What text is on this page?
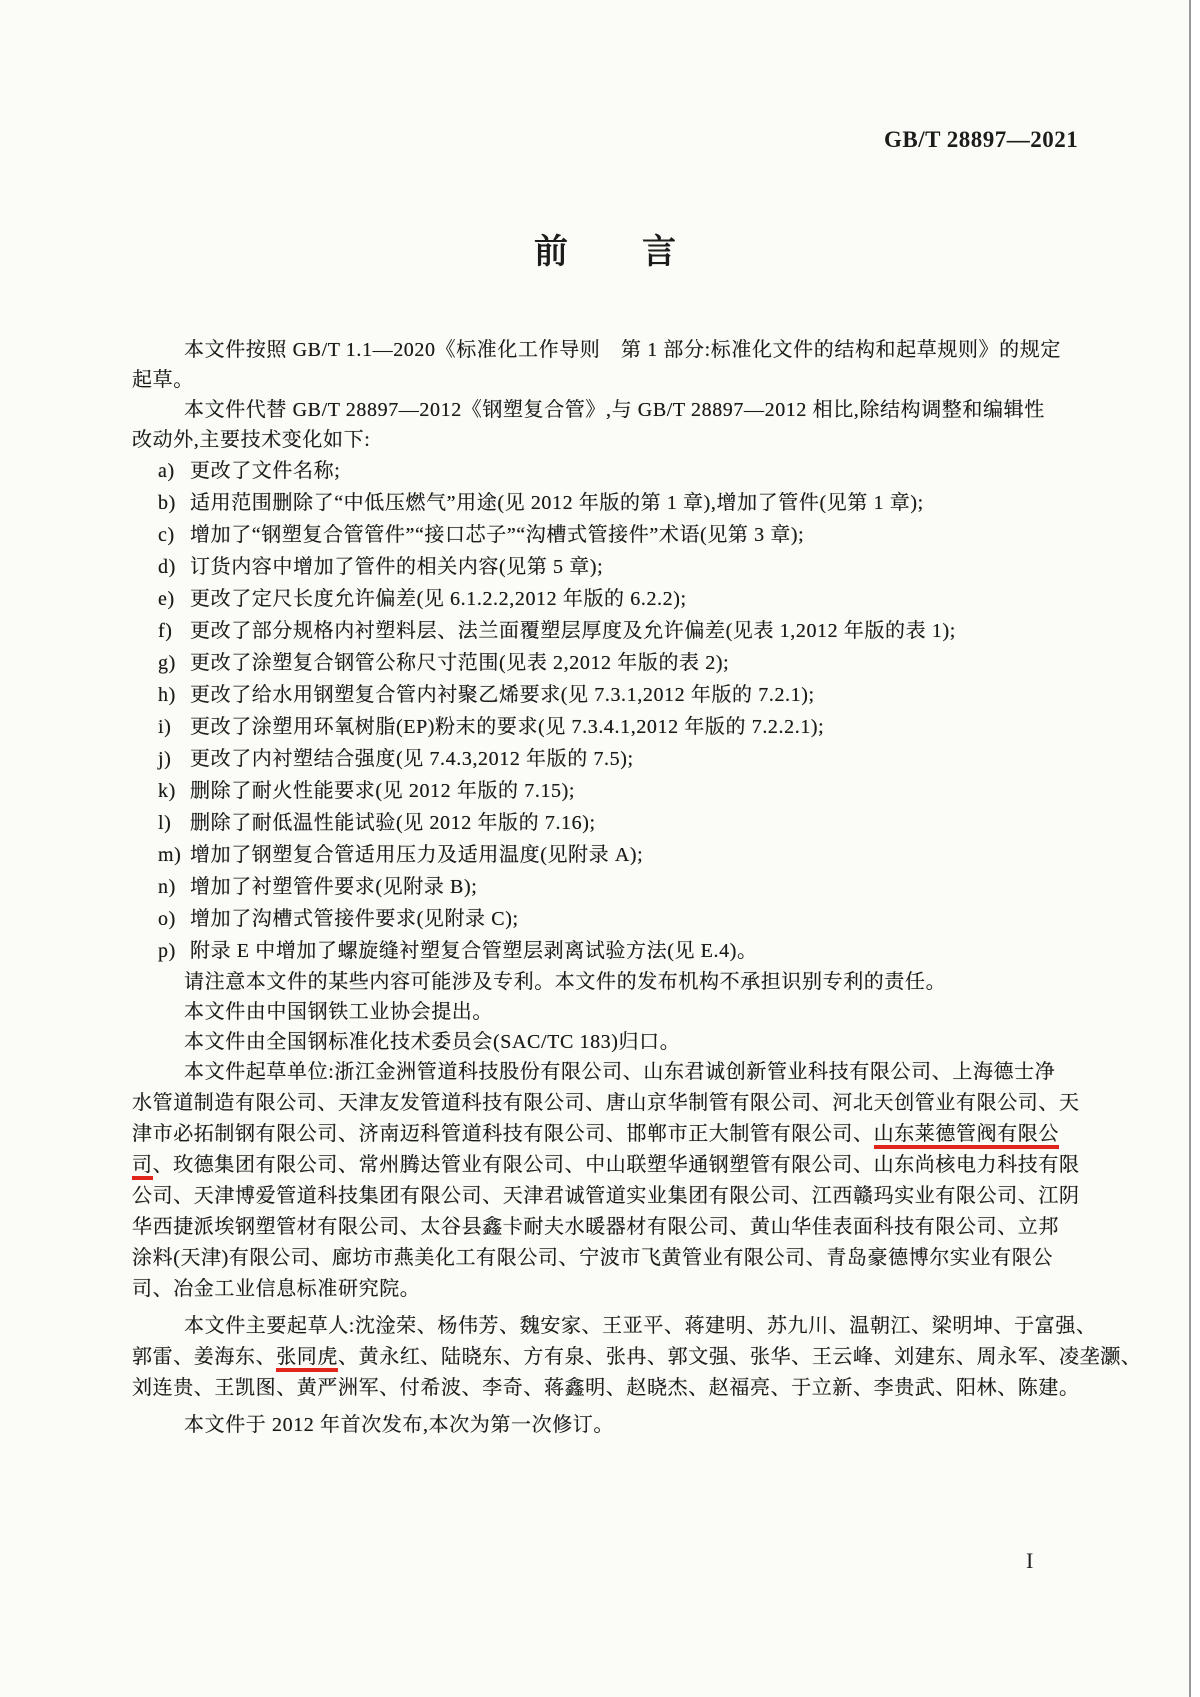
GB/T 28897—2021
前　　言
本文件按照 GB/T 1.1—2020《标准化工作导则　第 1 部分:标准化文件的结构和起草规则》的规定
起草。
本文件代替 GB/T 28897—2012《钢塑复合管》,与 GB/T 28897—2012 相比,除结构调整和编辑性
改动外,主要技术变化如下:
a) 更改了文件名称;
b) 适用范围删除了“中低压燃气”用途(见 2012 年版的第 1 章),增加了管件(见第 1 章);
c) 增加了“钢塑复合管管件”“接口芯子”“沟槽式管接件”术语(见第 3 章);
d) 订货内容中增加了管件的相关内容(见第 5 章);
e) 更改了定尺长度允许偏差(见 6.1.2.2,2012 年版的 6.2.2);
f) 更改了部分规格内衬塑料层、法兰面覆塑层厚度及允许偏差(见表 1,2012 年版的表 1);
g) 更改了涂塑复合钢管公称尺寸范围(见表 2,2012 年版的表 2);
h) 更改了给水用钢塑复合管内衬聚乙烯要求(见 7.3.1,2012 年版的 7.2.1);
i) 更改了涂塑用环氧树脂(EP)粉末的要求(见 7.3.4.1,2012 年版的 7.2.2.1);
j) 更改了内衬塑结合强度(见 7.4.3,2012 年版的 7.5);
k) 删除了耐火性能要求(见 2012 年版的 7.15);
l) 删除了耐低温性能试验(见 2012 年版的 7.16);
m) 增加了钢塑复合管适用压力及适用温度(见附录 A);
n) 增加了衬塑管件要求(见附录 B);
o) 增加了沟槽式管接件要求(见附录 C);
p) 附录 E 中增加了螺旋缝衬塑复合管塑层剥离试验方法(见 E.4)。
请注意本文件的某些内容可能涉及专利。本文件的发布机构不承担识别专利的责任。
本文件由中国钢铁工业协会提出。
本文件由全国钢标准化技术委员会(SAC/TC 183)归口。
本文件起草单位:浙江金洲管道科技股份有限公司、山东君诚创新管业科技有限公司、上海德士净
水管道制造有限公司、天津友发管道科技有限公司、唐山京华制管有限公司、河北天创管业有限公司、天
津市必拓制钢有限公司、济南迈科管道科技有限公司、邯郸市正大制管有限公司、山东莱德管阀有限公
司、玫德集团有限公司、常州腾达管业有限公司、中山联塑华通钢塑管有限公司、山东尚核电力科技有限
公司、天津博爱管道科技集团有限公司、天津君诚管道实业集团有限公司、江西赣玛实业有限公司、江阴
华西捷派埃钢塑管材有限公司、太谷县鑫卡耐夫水暖器材有限公司、黄山华佳表面科技有限公司、立邦
涂料(天津)有限公司、廊坊市燕美化工有限公司、宁波市飞黄管业有限公司、青岛豪德博尔实业有限公
司、冶金工业信息标准研究院。
本文件主要起草人:沈淦荣、杨伟芳、魏安家、王亚平、蒋建明、苏九川、温朝江、梁明坤、于富强、
郭雷、姜海东、张同虎、黄永红、陆晓东、方有泉、张冉、郭文强、张华、王云峰、刘建东、周永军、凌垄灏、
刘连贵、王凯图、黄严洲军、付希波、李奇、蒋鑫明、赵晓杰、赵福亮、于立新、李贵武、阳林、陈建。
本文件于 2012 年首次发布,本次为第一次修订。
I
